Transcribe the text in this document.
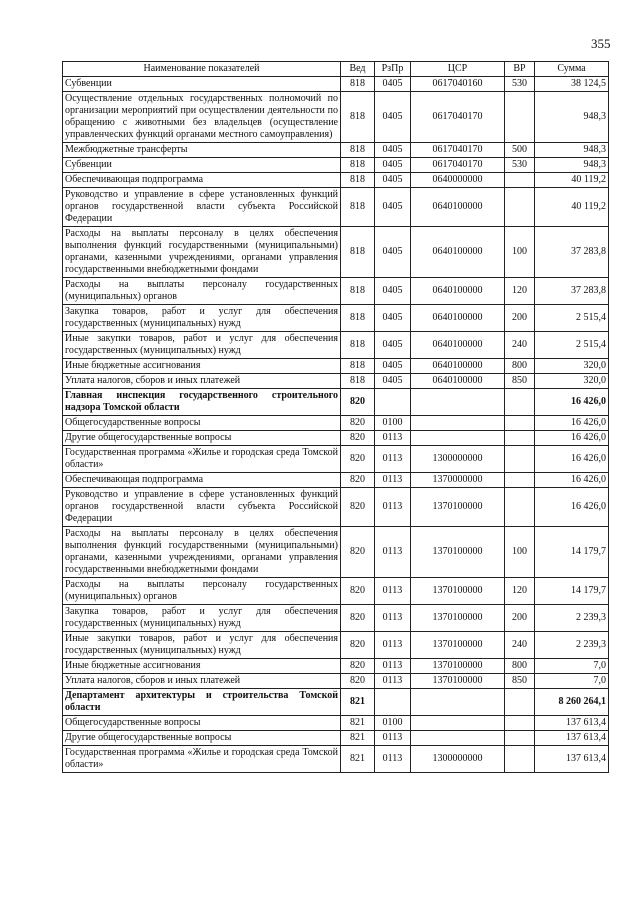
355
Наименование показателей	Вед	РзПр	ЦСР	ВР	Сумма
Субвенции	818	0405	0617040160	530	38 124,5
Осуществление отдельных государственных полномочий по организации мероприятий при осуществлении деятельности по обращению с животными без владельцев (осуществление управленческих функций органами местного самоуправления)	818	0405	0617040170		948,3
Межбюджетные трансферты	818	0405	0617040170	500	948,3
Субвенции	818	0405	0617040170	530	948,3
Обеспечивающая подпрограмма	818	0405	0640000000		40 119,2
Руководство и управление в сфере установленных функций органов государственной власти субъекта Российской Федерации	818	0405	0640100000		40 119,2
Расходы на выплаты персоналу в целях обеспечения выполнения функций государственными (муниципальными) органами, казенными учреждениями, органами управления государственными внебюджетными фондами	818	0405	0640100000	100	37 283,8
Расходы на выплаты персоналу государственных (муниципальных) органов	818	0405	0640100000	120	37 283,8
Закупка товаров, работ и услуг для обеспечения государственных (муниципальных) нужд	818	0405	0640100000	200	2 515,4
Иные закупки товаров, работ и услуг для обеспечения государственных (муниципальных) нужд	818	0405	0640100000	240	2 515,4
Иные бюджетные ассигнования	818	0405	0640100000	800	320,0
Уплата налогов, сборов и иных платежей	818	0405	0640100000	850	320,0
Главная инспекция государственного строительного надзора Томской области	820				16 426,0
Общегосударственные вопросы	820	0100			16 426,0
Другие общегосударственные вопросы	820	0113			16 426,0
Государственная программа «Жилье и городская среда Томской области»	820	0113	1300000000		16 426,0
Обеспечивающая подпрограмма	820	0113	1370000000		16 426,0
Руководство и управление в сфере установленных функций органов государственной власти субъекта Российской Федерации	820	0113	1370100000		16 426,0
Расходы на выплаты персоналу в целях обеспечения выполнения функций государственными (муниципальными) органами, казенными учреждениями, органами управления государственными внебюджетными фондами	820	0113	1370100000	100	14 179,7
Расходы на выплаты персоналу государственных (муниципальных) органов	820	0113	1370100000	120	14 179,7
Закупка товаров, работ и услуг для обеспечения государственных (муниципальных) нужд	820	0113	1370100000	200	2 239,3
Иные закупки товаров, работ и услуг для обеспечения государственных (муниципальных) нужд	820	0113	1370100000	240	2 239,3
Иные бюджетные ассигнования	820	0113	1370100000	800	7,0
Уплата налогов, сборов и иных платежей	820	0113	1370100000	850	7,0
Департамент архитектуры и строительства Томской области	821				8 260 264,1
Общегосударственные вопросы	821	0100			137 613,4
Другие общегосударственные вопросы	821	0113			137 613,4
Государственная программа «Жилье и городская среда Томской области»	821	0113	1300000000		137 613,4
